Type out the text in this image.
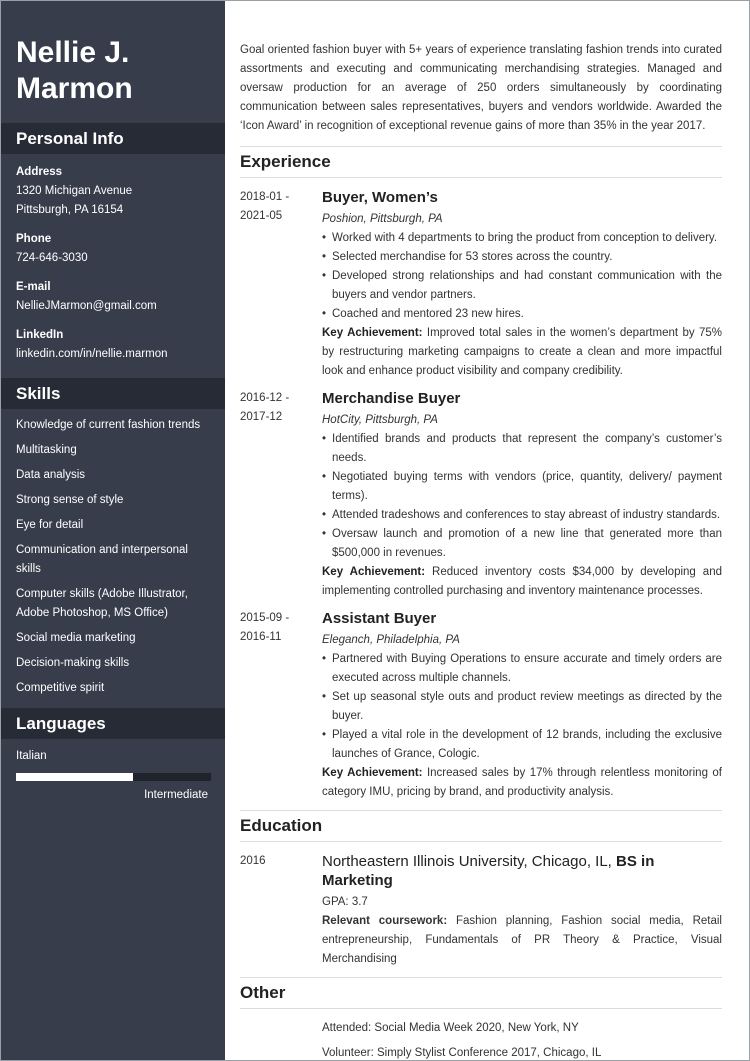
Nellie J.
Marmon
Personal Info
Address
1320 Michigan Avenue
Pittsburgh, PA 16154
Phone
724-646-3030
E-mail
NellieJMarmon@gmail.com
LinkedIn
linkedin.com/in/nellie.marmon
Skills
Knowledge of current fashion trends
Multitasking
Data analysis
Strong sense of style
Eye for detail
Communication and interpersonal skills
Computer skills (Adobe Illustrator, Adobe Photoshop, MS Office)
Social media marketing
Decision-making skills
Competitive spirit
Languages
Italian
Intermediate

Goal oriented fashion buyer with 5+ years of experience translating fashion trends into curated assortments and executing and communicating merchandising strategies. Managed and oversaw production for an average of 250 orders simultaneously by coordinating communication between sales representatives, buyers and vendors worldwide. Awarded the ‘Icon Award’ in recognition of exceptional revenue gains of more than 35% in the year 2017.

Experience
2018-01 -
2021-05
Buyer, Women’s
Poshion, Pittsburgh, PA
• Worked with 4 departments to bring the product from conception to delivery.
• Selected merchandise for 53 stores across the country.
• Developed strong relationships and had constant communication with the buyers and vendor partners.
• Coached and mentored 23 new hires.
Key Achievement: Improved total sales in the women’s department by 75% by restructuring marketing campaigns to create a clean and more impactful look and enhance product visibility and company credibility.
2016-12 -
2017-12
Merchandise Buyer
HotCity, Pittsburgh, PA
• Identified brands and products that represent the company’s customer’s needs.
• Negotiated buying terms with vendors (price, quantity, delivery/ payment terms).
• Attended tradeshows and conferences to stay abreast of industry standards.
• Oversaw launch and promotion of a new line that generated more than $500,000 in revenues.
Key Achievement: Reduced inventory costs $34,000 by developing and implementing controlled purchasing and inventory maintenance processes.
2015-09 -
2016-11
Assistant Buyer
Eleganch, Philadelphia, PA
• Partnered with Buying Operations to ensure accurate and timely orders are executed across multiple channels.
• Set up seasonal style outs and product review meetings as directed by the buyer.
• Played a vital role in the development of 12 brands, including the exclusive launches of Grance, Cologic.
Key Achievement: Increased sales by 17% through relentless monitoring of category IMU, pricing by brand, and productivity analysis.
Education
2016	Northeastern Illinois University, Chicago, IL, BS in Marketing
GPA: 3.7
Relevant coursework: Fashion planning, Fashion social media, Retail entrepreneurship, Fundamentals of PR Theory & Practice, Visual Merchandising
Other
Attended: Social Media Week 2020, New York, NY
Volunteer: Simply Stylist Conference 2017, Chicago, IL
